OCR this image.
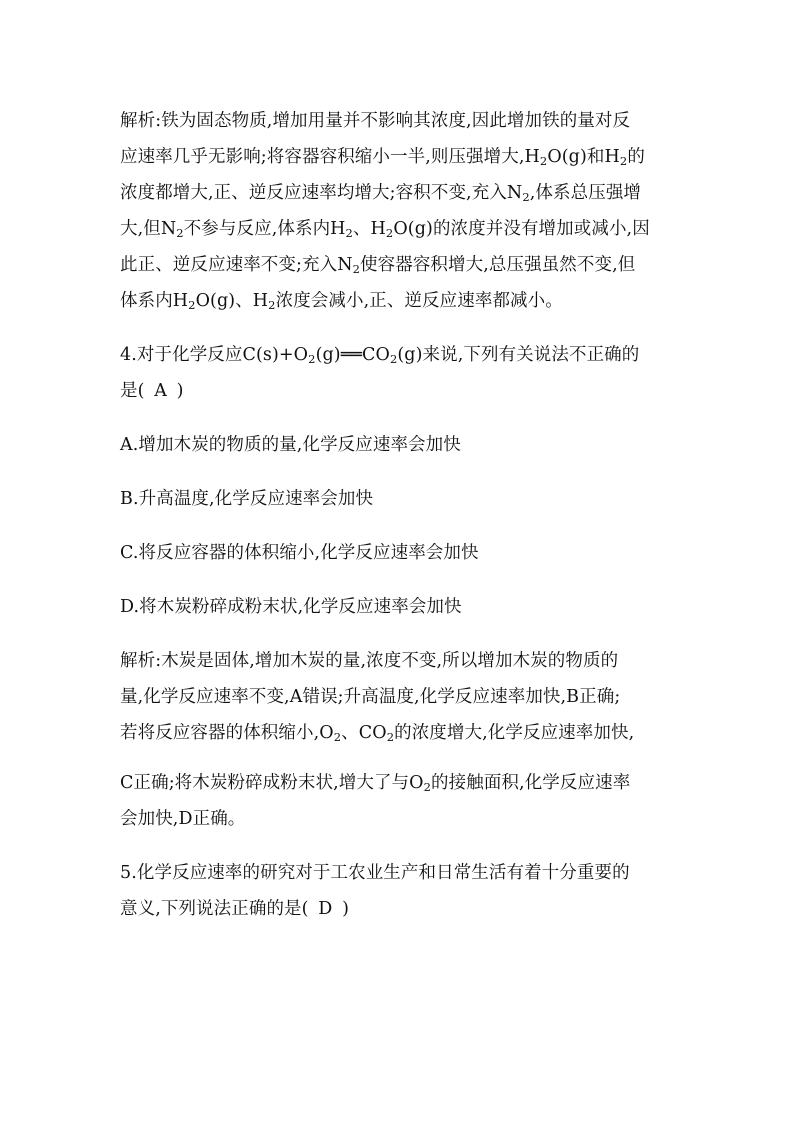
解析:铁为固态物质,增加用量并不影响其浓度,因此增加铁的量对反
应速率几乎无影响;将容器容积缩小一半,则压强增大$,H_2O(g)$和$H_2$的
浓度都增大,正、逆反应速率均增大;容积不变,充入$N_2$,体系总压强增
大,但$N_2$不参与反应,体系内$H_2$、$H_2O(g)$的浓度并没有增加或减小,因
此正、逆反应速率不变;充入$N_2$使容器容积增大,总压强虽然不变,但
体系内$H_2O(g)$、$H_2$浓度会减小,正、逆反应速率都减小。
4.对于化学反应$C(s)+O_2(g)══CO_2(g)$来说,下列有关说法不正确的
是( A )
A.增加木炭的物质的量,化学反应速率会加快
B.升高温度,化学反应速率会加快
C.将反应容器的体积缩小,化学反应速率会加快
D.将木炭粉碎成粉末状,化学反应速率会加快
解析:木炭是固体,增加木炭的量,浓度不变,所以增加木炭的物质的
量,化学反应速率不变,A错误;升高温度,化学反应速率加快,B正确;
若将反应容器的体积缩小$,O_2$、$CO_2$的浓度增大,化学反应速率加快,
C正确;将木炭粉碎成粉末状,增大了与$O_2$的接触面积,化学反应速率
会加快,D正确。
5.化学反应速率的研究对于工农业生产和日常生活有着十分重要的
意义,下列说法正确的是( D )
